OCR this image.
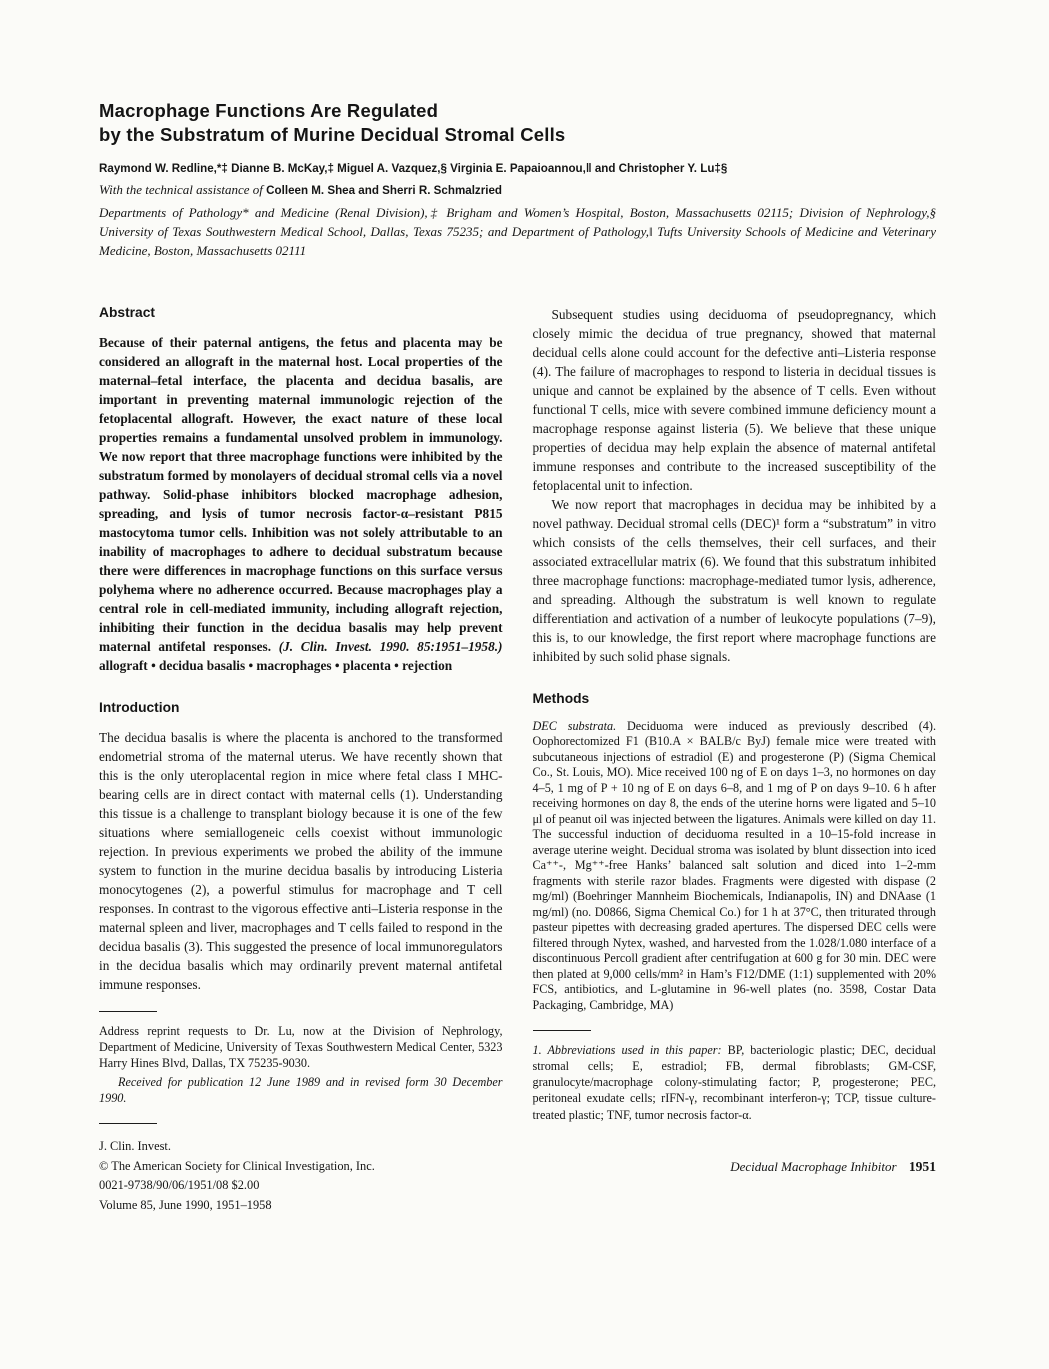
Macrophage Functions Are Regulated
by the Substratum of Murine Decidual Stromal Cells

Raymond W. Redline,*‡ Dianne B. McKay,‡ Miguel A. Vazquez,§ Virginia E. Papaioannou,‖ and Christopher Y. Lu‡§

With the technical assistance of Colleen M. Shea and Sherri R. Schmalzried

Departments of Pathology* and Medicine (Renal Division),‡ Brigham and Women’s Hospital, Boston, Massachusetts 02115; Division of Nephrology,§ University of Texas Southwestern Medical School, Dallas, Texas 75235; and Department of Pathology,‖ Tufts University Schools of Medicine and Veterinary Medicine, Boston, Massachusetts 02111

Abstract

Because of their paternal antigens, the fetus and placenta may be considered an allograft in the maternal host. Local properties of the maternal–fetal interface, the placenta and decidua basalis, are important in preventing maternal immunologic rejection of the fetoplacental allograft. However, the exact nature of these local properties remains a fundamental unsolved problem in immunology. We now report that three macrophage functions were inhibited by the substratum formed by monolayers of decidual stromal cells via a novel pathway. Solid-phase inhibitors blocked macrophage adhesion, spreading, and lysis of tumor necrosis factor-α–resistant P815 mastocytoma tumor cells. Inhibition was not solely attributable to an inability of macrophages to adhere to decidual substratum because there were differences in macrophage functions on this surface versus polyhema where no adherence occurred. Because macrophages play a central role in cell-mediated immunity, including allograft rejection, inhibiting their function in the decidua basalis may help prevent maternal antifetal responses. (J. Clin. Invest. 1990. 85:1951–1958.) allograft • decidua basalis • macrophages • placenta • rejection

Introduction

The decidua basalis is where the placenta is anchored to the transformed endometrial stroma of the maternal uterus. We have recently shown that this is the only uteroplacental region in mice where fetal class I MHC-bearing cells are in direct contact with maternal cells (1). Understanding this tissue is a challenge to transplant biology because it is one of the few situations where semiallogeneic cells coexist without immunologic rejection. In previous experiments we probed the ability of the immune system to function in the murine decidua basalis by introducing Listeria monocytogenes (2), a powerful stimulus for macrophage and T cell responses. In contrast to the vigorous effective anti–Listeria response in the maternal spleen and liver, macrophages and T cells failed to respond in the decidua basalis (3). This suggested the presence of local immunoregulators in the decidua basalis which may ordinarily prevent maternal antifetal immune responses.

Address reprint requests to Dr. Lu, now at the Division of Nephrology, Department of Medicine, University of Texas Southwestern Medical Center, 5323 Harry Hines Blvd, Dallas, TX 75235-9030.

Received for publication 12 June 1989 and in revised form 30 December 1990.

J. Clin. Invest.
© The American Society for Clinical Investigation, Inc.
0021-9738/90/06/1951/08 $2.00
Volume 85, June 1990, 1951–1958

Subsequent studies using deciduoma of pseudopregnancy, which closely mimic the decidua of true pregnancy, showed that maternal decidual cells alone could account for the defective anti–Listeria response (4). The failure of macrophages to respond to listeria in decidual tissues is unique and cannot be explained by the absence of T cells. Even without functional T cells, mice with severe combined immune deficiency mount a macrophage response against listeria (5). We believe that these unique properties of decidua may help explain the absence of maternal antifetal immune responses and contribute to the increased susceptibility of the fetoplacental unit to infection.

We now report that macrophages in decidua may be inhibited by a novel pathway. Decidual stromal cells (DEC)¹ form a “substratum” in vitro which consists of the cells themselves, their cell surfaces, and their associated extracellular matrix (6). We found that this substratum inhibited three macrophage functions: macrophage-mediated tumor lysis, adherence, and spreading. Although the substratum is well known to regulate differentiation and activation of a number of leukocyte populations (7–9), this is, to our knowledge, the first report where macrophage functions are inhibited by such solid phase signals.

Methods

DEC substrata. Deciduoma were induced as previously described (4). Oophorectomized F1 (B10.A × BALB/c ByJ) female mice were treated with subcutaneous injections of estradiol (E) and progesterone (P) (Sigma Chemical Co., St. Louis, MO). Mice received 100 ng of E on days 1–3, no hormones on day 4–5, 1 mg of P + 10 ng of E on days 6–8, and 1 mg of P on days 9–10. 6 h after receiving hormones on day 8, the ends of the uterine horns were ligated and 5–10 μl of peanut oil was injected between the ligatures. Animals were killed on day 11. The successful induction of deciduoma resulted in a 10–15-fold increase in average uterine weight. Decidual stroma was isolated by blunt dissection into iced Ca⁺⁺-, Mg⁺⁺-free Hanks’ balanced salt solution and diced into 1–2-mm fragments with sterile razor blades. Fragments were digested with dispase (2 mg/ml) (Boehringer Mannheim Biochemicals, Indianapolis, IN) and DNAase (1 mg/ml) (no. D0866, Sigma Chemical Co.) for 1 h at 37°C, then triturated through pasteur pipettes with decreasing graded apertures. The dispersed DEC cells were filtered through Nytex, washed, and harvested from the 1.028/1.080 interface of a discontinuous Percoll gradient after centrifugation at 600 g for 30 min. DEC were then plated at 9,000 cells/mm² in Ham’s F12/DME (1:1) supplemented with 20% FCS, antibiotics, and L-glutamine in 96-well plates (no. 3598, Costar Data Packaging, Cambridge, MA)

1. Abbreviations used in this paper: BP, bacteriologic plastic; DEC, decidual stromal cells; E, estradiol; FB, dermal fibroblasts; GM-CSF, granulocyte/macrophage colony-stimulating factor; P, progesterone; PEC, peritoneal exudate cells; rIFN-γ, recombinant interferon-γ; TCP, tissue culture-treated plastic; TNF, tumor necrosis factor-α.

Decidual Macrophage Inhibitor 1951
